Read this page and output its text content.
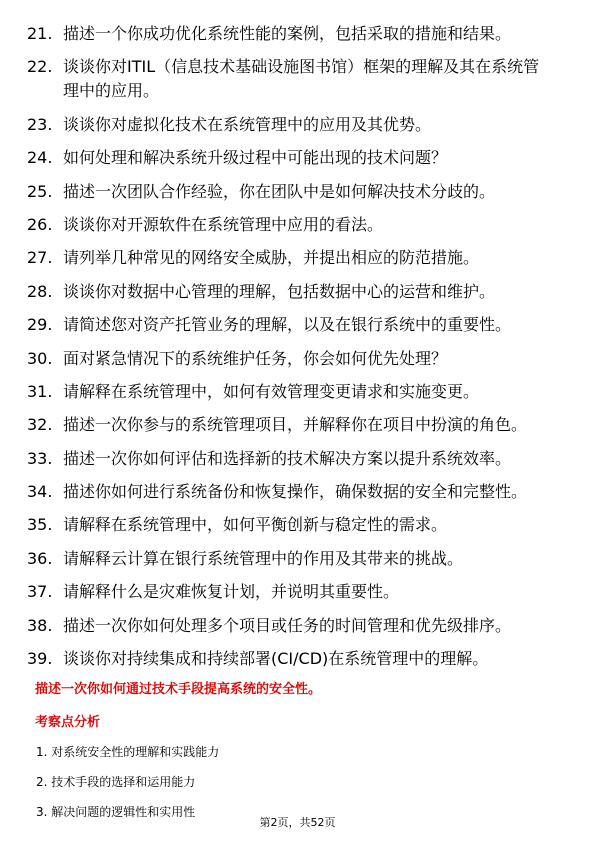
21. 描述一个你成功优化系统性能的案例，包括采取的措施和结果。
22. 谈谈你对ITIL（信息技术基础设施图书馆）框架的理解及其在系统管理中的应用。
23. 谈谈你对虚拟化技术在系统管理中的应用及其优势。
24. 如何处理和解决系统升级过程中可能出现的技术问题？
25. 描述一次团队合作经验，你在团队中是如何解决技术分歧的。
26. 谈谈你对开源软件在系统管理中应用的看法。
27. 请列举几种常见的网络安全威胁，并提出相应的防范措施。
28. 谈谈你对数据中心管理的理解，包括数据中心的运营和维护。
29. 请简述您对资产托管业务的理解，以及在银行系统中的重要性。
30. 面对紧急情况下的系统维护任务，你会如何优先处理？
31. 请解释在系统管理中，如何有效管理变更请求和实施变更。
32. 描述一次你参与的系统管理项目，并解释你在项目中扮演的角色。
33. 描述一次你如何评估和选择新的技术解决方案以提升系统效率。
34. 描述你如何进行系统备份和恢复操作，确保数据的安全和完整性。
35. 请解释在系统管理中，如何平衡创新与稳定性的需求。
36. 请解释云计算在银行系统管理中的作用及其带来的挑战。
37. 请解释什么是灾难恢复计划，并说明其重要性。
38. 描述一次你如何处理多个项目或任务的时间管理和优先级排序。
39. 谈谈你对持续集成和持续部署(CI/CD)在系统管理中的理解。
描述一次你如何通过技术手段提高系统的安全性。
考察点分析
1. 对系统安全性的理解和实践能力
2. 技术手段的选择和运用能力
3. 解决问题的逻辑性和实用性
第2页，共52页
